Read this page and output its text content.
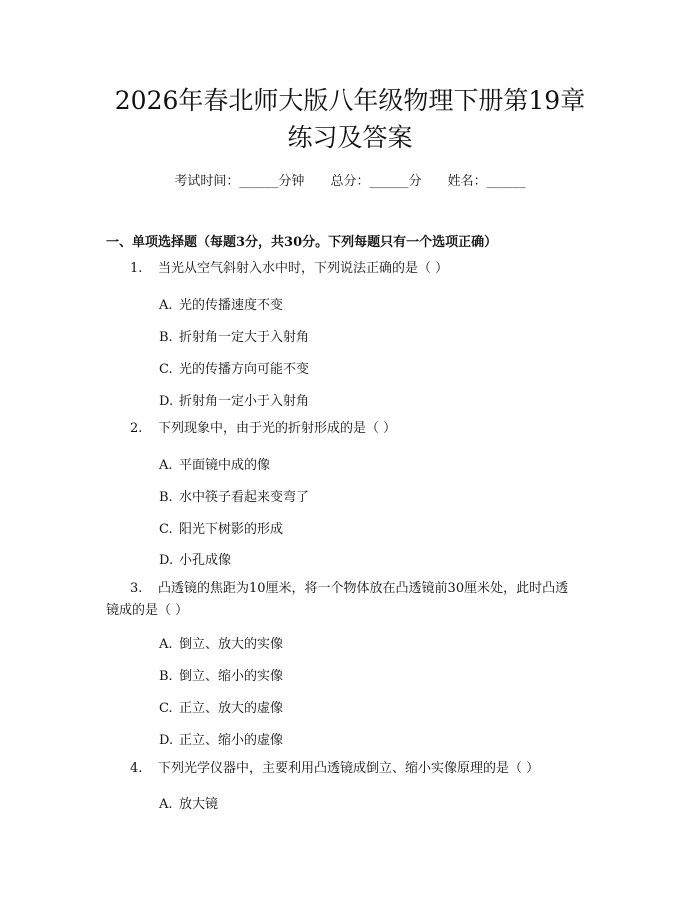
2026年春北师大版八年级物理下册第19章
练习及答案
考试时间：______分钟 总分：______分 姓名：______
一、单项选择题（每题3分，共30分。下列每题只有一个选项正确）
1. 当光从空气斜射入水中时，下列说法正确的是（ ）
A. 光的传播速度不变
B. 折射角一定大于入射角
C. 光的传播方向可能不变
D. 折射角一定小于入射角
2. 下列现象中，由于光的折射形成的是（ ）
A. 平面镜中成的像
B. 水中筷子看起来变弯了
C. 阳光下树影的形成
D. 小孔成像
3. 凸透镜的焦距为10厘米，将一个物体放在凸透镜前30厘米处，此时凸透
镜成的是（ ）
A. 倒立、放大的实像
B. 倒立、缩小的实像
C. 正立、放大的虚像
D. 正立、缩小的虚像
4. 下列光学仪器中，主要利用凸透镜成倒立、缩小实像原理的是（ ）
A. 放大镜
